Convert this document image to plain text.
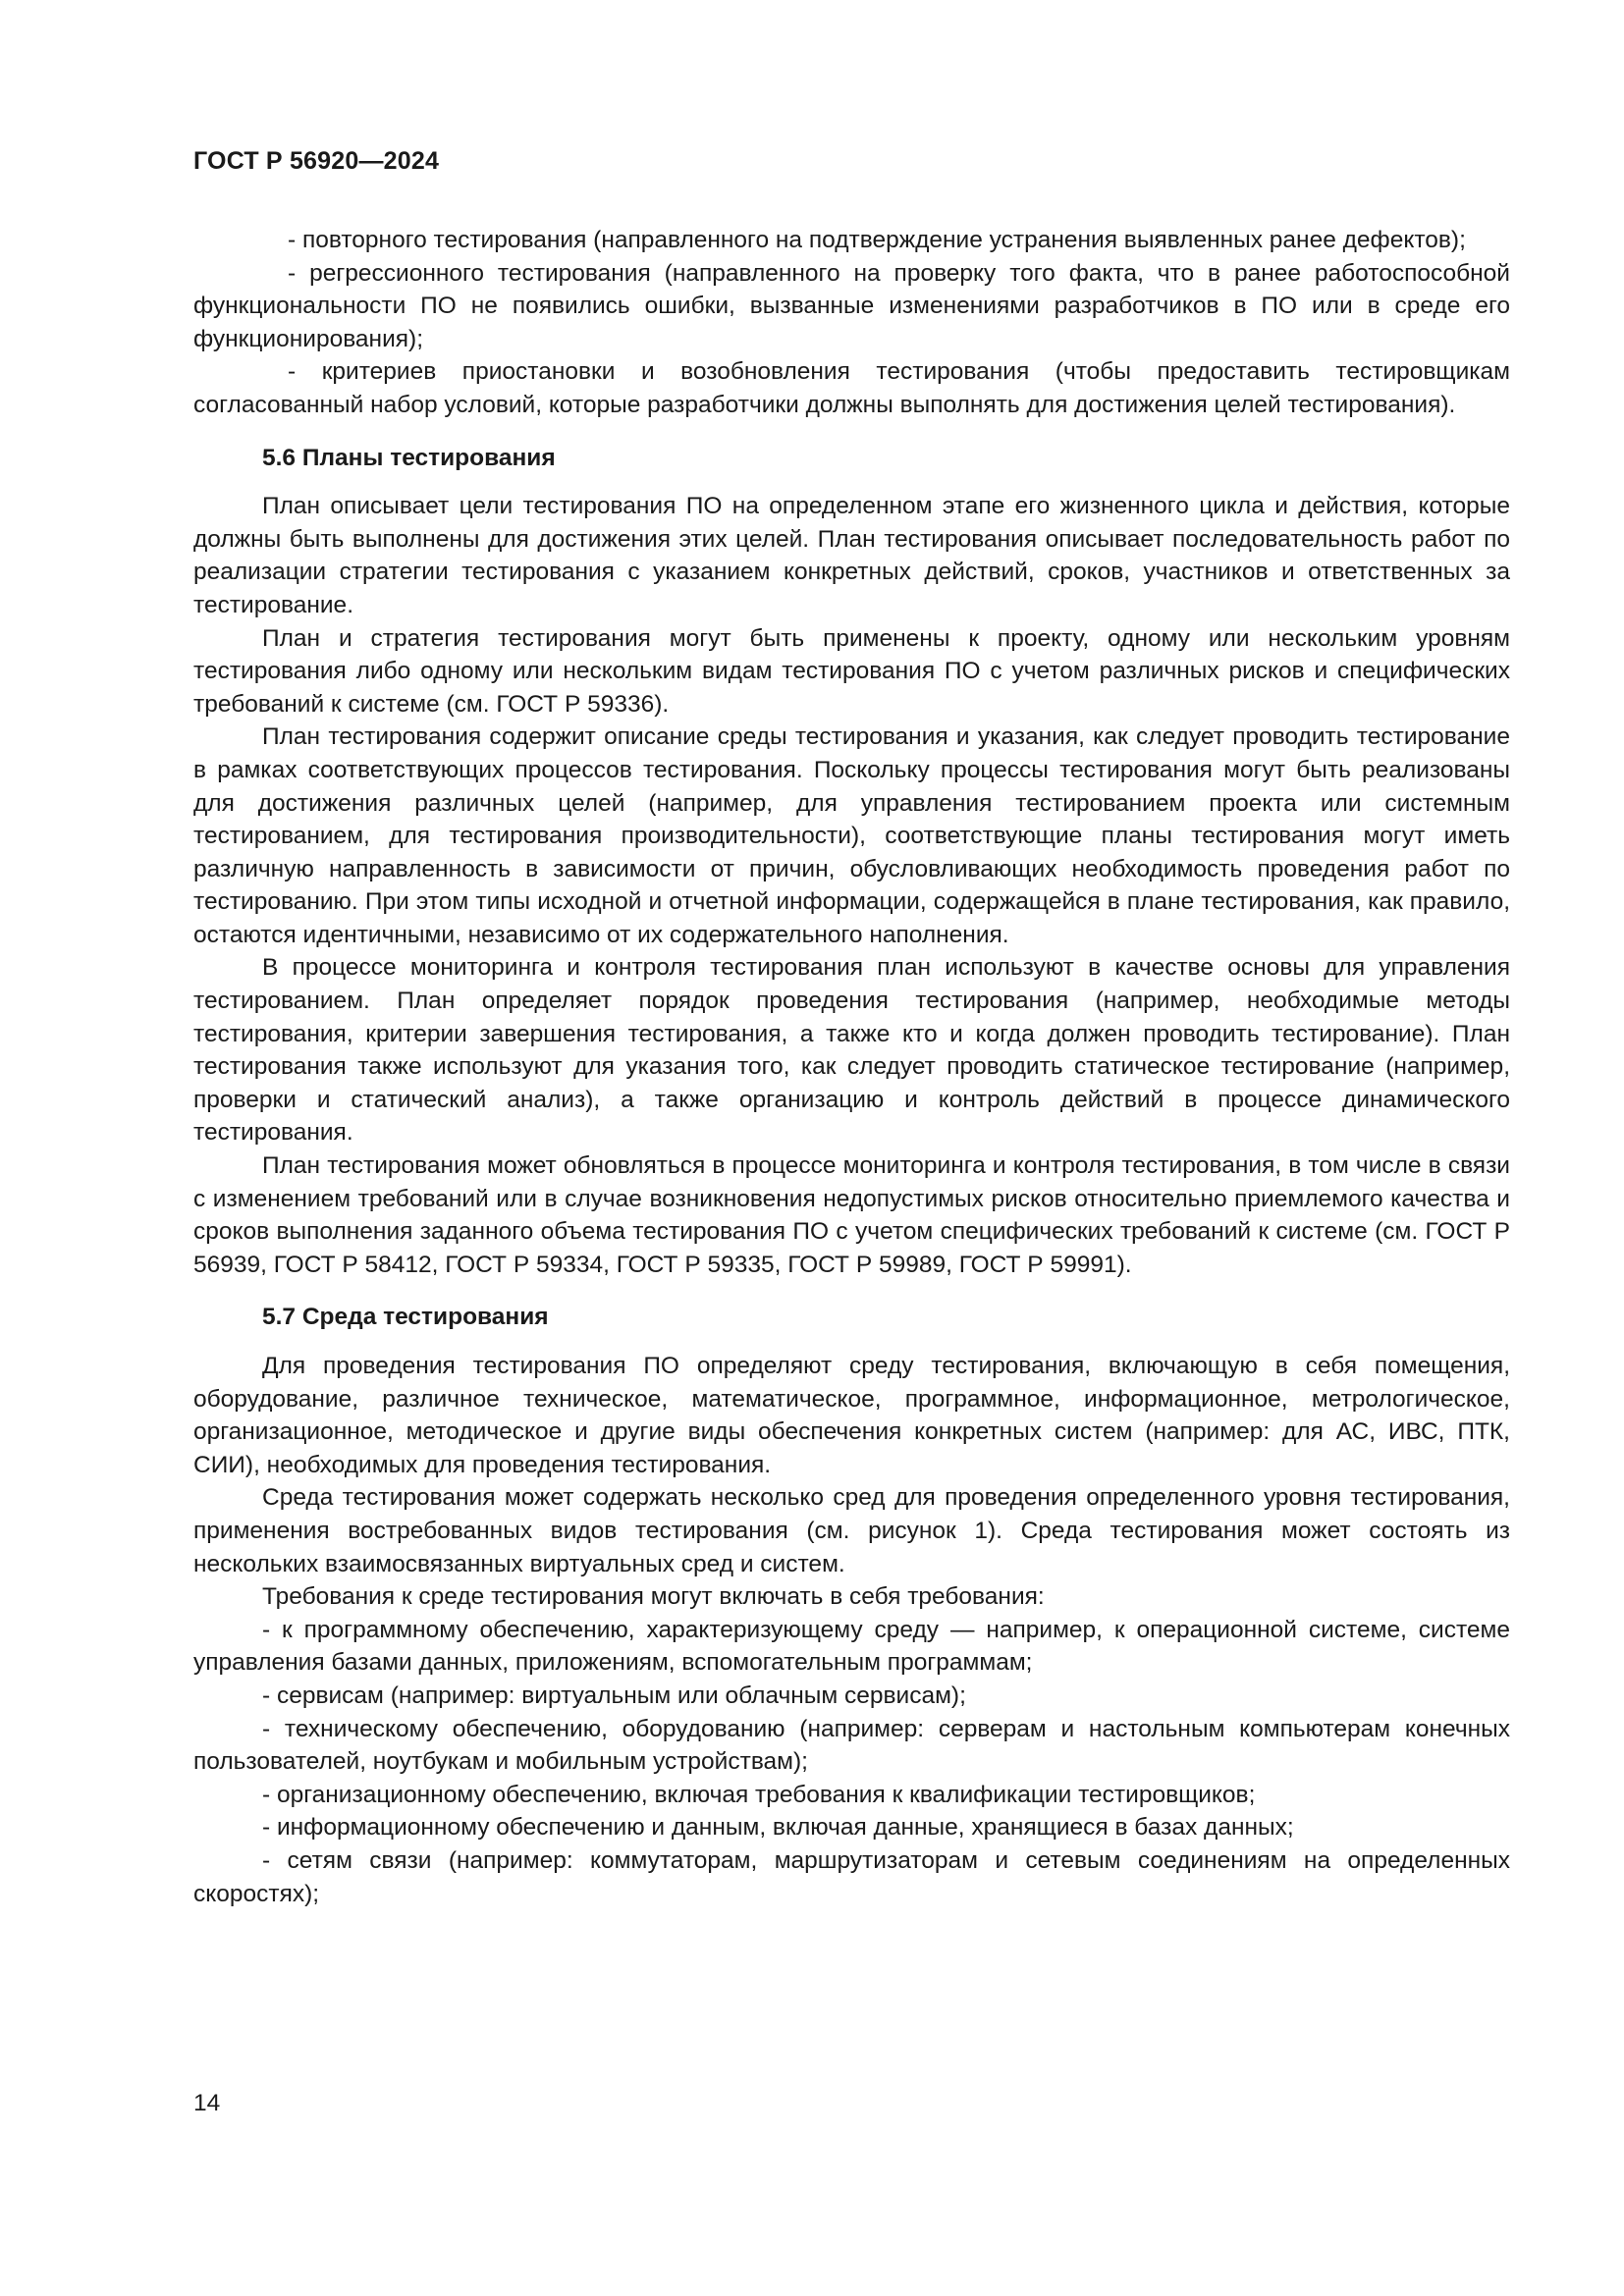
ГОСТ Р 56920—2024

- повторного тестирования (направленного на подтверждение устранения выявленных ранее дефектов);

- регрессионного тестирования (направленного на проверку того факта, что в ранее работоспособной функциональности ПО не появились ошибки, вызванные изменениями разработчиков в ПО или в среде его функционирования);

- критериев приостановки и возобновления тестирования (чтобы предоставить тестировщикам согласованный набор условий, которые разработчики должны выполнять для достижения целей тестирования).

5.6 Планы тестирования

План описывает цели тестирования ПО на определенном этапе его жизненного цикла и действия, которые должны быть выполнены для достижения этих целей. План тестирования описывает последовательность работ по реализации стратегии тестирования с указанием конкретных действий, сроков, участников и ответственных за тестирование.

План и стратегия тестирования могут быть применены к проекту, одному или нескольким уровням тестирования либо одному или нескольким видам тестирования ПО с учетом различных рисков и специфических требований к системе (см. ГОСТ Р 59336).

План тестирования содержит описание среды тестирования и указания, как следует проводить тестирование в рамках соответствующих процессов тестирования. Поскольку процессы тестирования могут быть реализованы для достижения различных целей (например, для управления тестированием проекта или системным тестированием, для тестирования производительности), соответствующие планы тестирования могут иметь различную направленность в зависимости от причин, обусловливающих необходимость проведения работ по тестированию. При этом типы исходной и отчетной информации, содержащейся в плане тестирования, как правило, остаются идентичными, независимо от их содержательного наполнения.

В процессе мониторинга и контроля тестирования план используют в качестве основы для управления тестированием. План определяет порядок проведения тестирования (например, необходимые методы тестирования, критерии завершения тестирования, а также кто и когда должен проводить тестирование). План тестирования также используют для указания того, как следует проводить статическое тестирование (например, проверки и статический анализ), а также организацию и контроль действий в процессе динамического тестирования.

План тестирования может обновляться в процессе мониторинга и контроля тестирования, в том числе в связи с изменением требований или в случае возникновения недопустимых рисков относительно приемлемого качества и сроков выполнения заданного объема тестирования ПО с учетом специфических требований к системе (см. ГОСТ Р 56939, ГОСТ Р 58412, ГОСТ Р 59334, ГОСТ Р 59335, ГОСТ Р 59989, ГОСТ Р 59991).

5.7 Среда тестирования

Для проведения тестирования ПО определяют среду тестирования, включающую в себя помещения, оборудование, различное техническое, математическое, программное, информационное, метрологическое, организационное, методическое и другие виды обеспечения конкретных систем (например: для АС, ИВС, ПТК, СИИ), необходимых для проведения тестирования.

Среда тестирования может содержать несколько сред для проведения определенного уровня тестирования, применения востребованных видов тестирования (см. рисунок 1). Среда тестирования может состоять из нескольких взаимосвязанных виртуальных сред и систем.

Требования к среде тестирования могут включать в себя требования:

- к программному обеспечению, характеризующему среду — например, к операционной системе, системе управления базами данных, приложениям, вспомогательным программам;

- сервисам (например: виртуальным или облачным сервисам);

- техническому обеспечению, оборудованию (например: серверам и настольным компьютерам конечных пользователей, ноутбукам и мобильным устройствам);

- организационному обеспечению, включая требования к квалификации тестировщиков;

- информационному обеспечению и данным, включая данные, хранящиеся в базах данных;

- сетям связи (например: коммутаторам, маршрутизаторам и сетевым соединениям на определенных скоростях);

14
